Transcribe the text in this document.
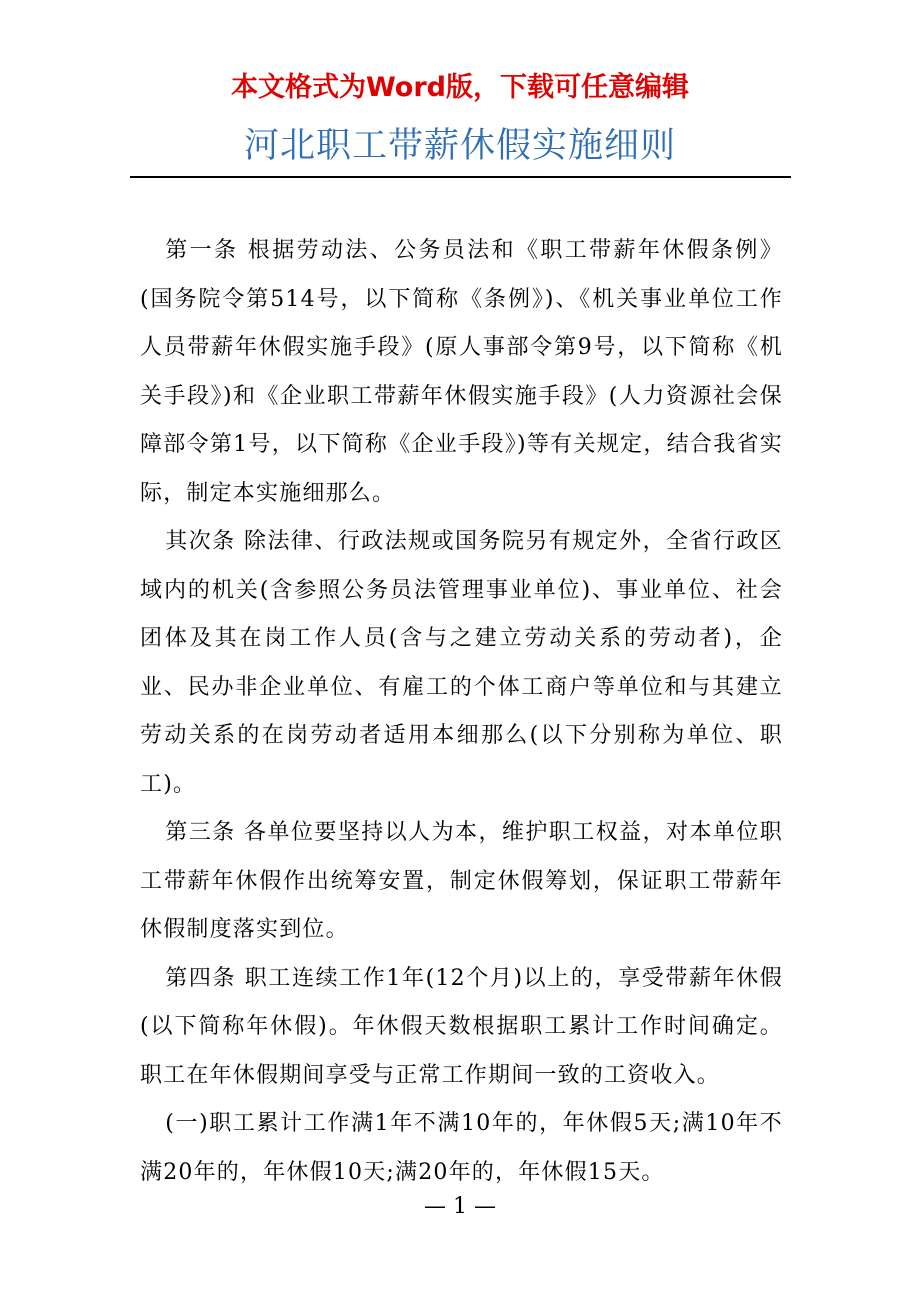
本文格式为Word版，下载可任意编辑
河北职工带薪休假实施细则

第一条 根据劳动法、公务员法和《职工带薪年休假条例》(国务院令第514号，以下简称《条例》)、《机关事业单位工作人员带薪年休假实施手段》(原人事部令第9号，以下简称《机关手段》)和《企业职工带薪年休假实施手段》(人力资源社会保障部令第1号，以下简称《企业手段》)等有关规定，结合我省实际，制定本实施细那么。

其次条 除法律、行政法规或国务院另有规定外，全省行政区域内的机关(含参照公务员法管理事业单位)、事业单位、社会团体及其在岗工作人员(含与之建立劳动关系的劳动者)，企业、民办非企业单位、有雇工的个体工商户等单位和与其建立劳动关系的在岗劳动者适用本细那么(以下分别称为单位、职工)。

第三条 各单位要坚持以人为本，维护职工权益，对本单位职工带薪年休假作出统筹安置，制定休假筹划，保证职工带薪年休假制度落实到位。

第四条 职工连续工作1年(12个月)以上的，享受带薪年休假(以下简称年休假)。年休假天数根据职工累计工作时间确定。职工在年休假期间享受与正常工作期间一致的工资收入。

(一)职工累计工作满1年不满10年的，年休假5天;满10年不满20年的，年休假10天;满20年的，年休假15天。

— 1 —
